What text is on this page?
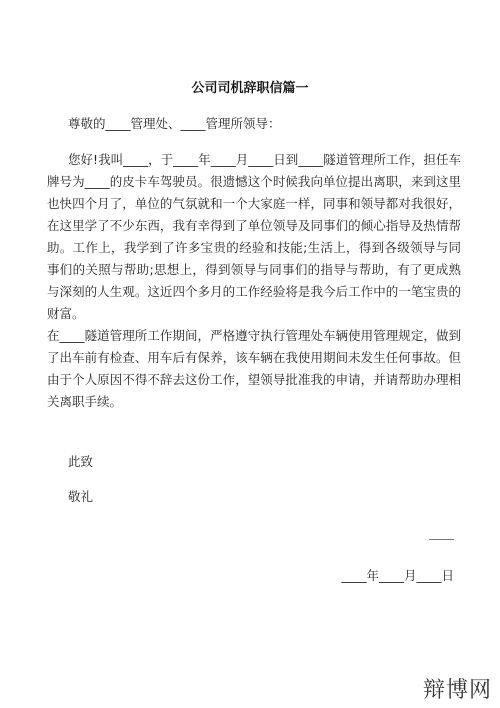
公司司机辞职信篇一
尊敬的____管理处、____管理所领导：

您好!我叫____，于____年____月____日到____隧道管理所工作，担任车牌号为____的皮卡车驾驶员。很遗憾这个时候我向单位提出离职，来到这里也快四个月了，单位的气氛就和一个大家庭一样，同事和领导都对我很好，在这里学了不少东西，我有幸得到了单位领导及同事们的倾心指导及热情帮助。工作上，我学到了许多宝贵的经验和技能;生活上，得到各级领导与同事们的关照与帮助;思想上，得到领导与同事们的指导与帮助，有了更成熟与深刻的人生观。这近四个多月的工作经验将是我今后工作中的一笔宝贵的财富。

在____隧道管理所工作期间，严格遵守执行管理处车辆使用管理规定，做到了出车前有检查、用车后有保养，该车辆在我使用期间未发生任何事故。但由于个人原因不得不辞去这份工作，望领导批准我的申请，并请帮助办理相关离职手续。

此致
敬礼
____年____月____日
辩博网
